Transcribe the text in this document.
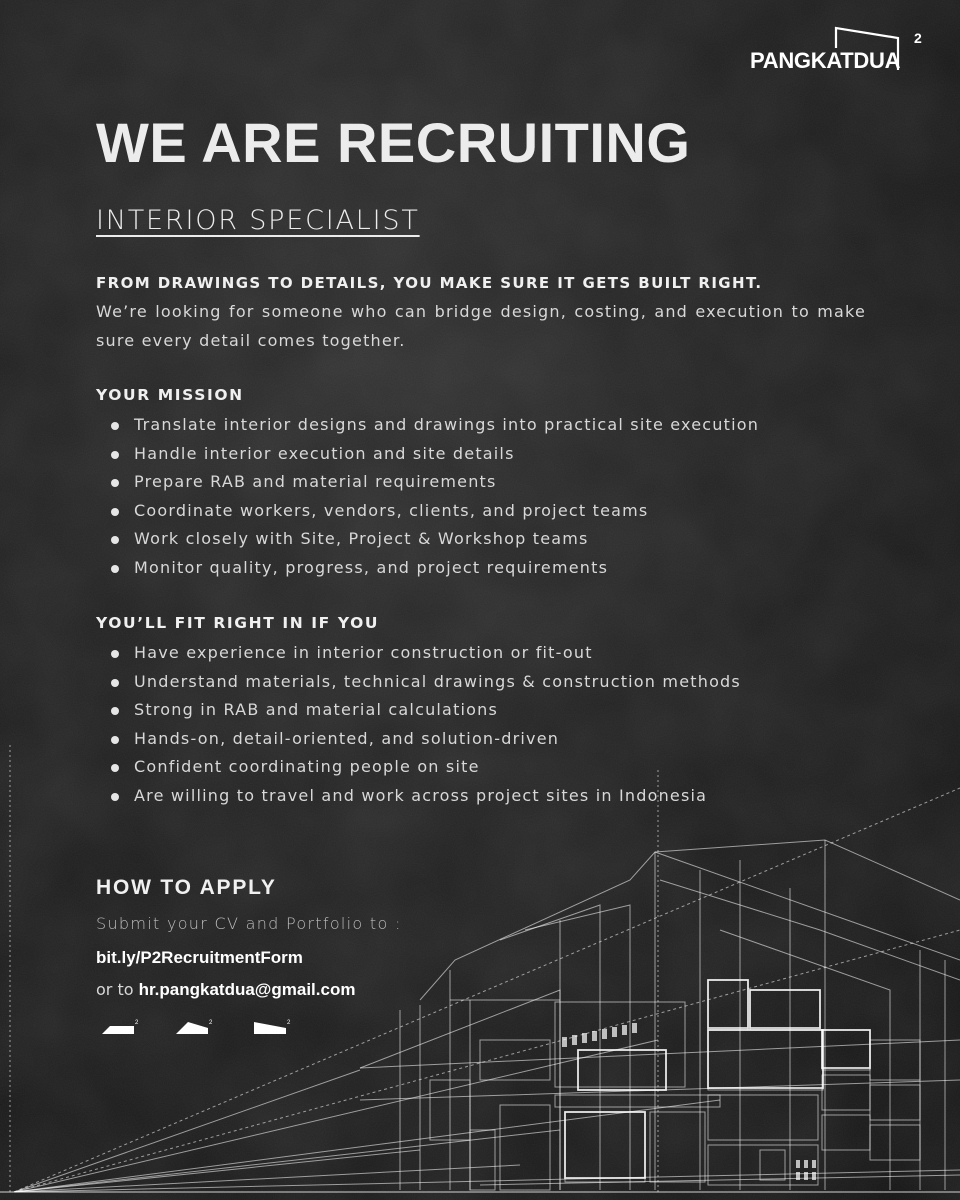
PANGKATDUA
2
WE ARE RECRUITING
INTERIOR SPECIALIST
FROM DRAWINGS TO DETAILS, YOU MAKE SURE IT GETS BUILT RIGHT.

We’re looking for someone who can bridge design, costing, and execution to make sure every detail comes together.

YOUR MISSION
Translate interior designs and drawings into practical site execution
Handle interior execution and site details
Prepare RAB and material requirements
Coordinate workers, vendors, clients, and project teams
Work closely with Site, Project & Workshop teams
Monitor quality, progress, and project requirements
YOU’LL FIT RIGHT IN IF YOU
Have experience in interior construction or fit-out
Understand materials, technical drawings & construction methods
Strong in RAB and material calculations
Hands-on, detail-oriented, and solution-driven
Confident coordinating people on site
Are willing to travel and work across project sites in Indonesia
HOW TO APPLY
Submit your CV and Portfolio to :
bit.ly/P2RecruitmentForm
or to hr.pangkatdua@gmail.com
2	2	2
